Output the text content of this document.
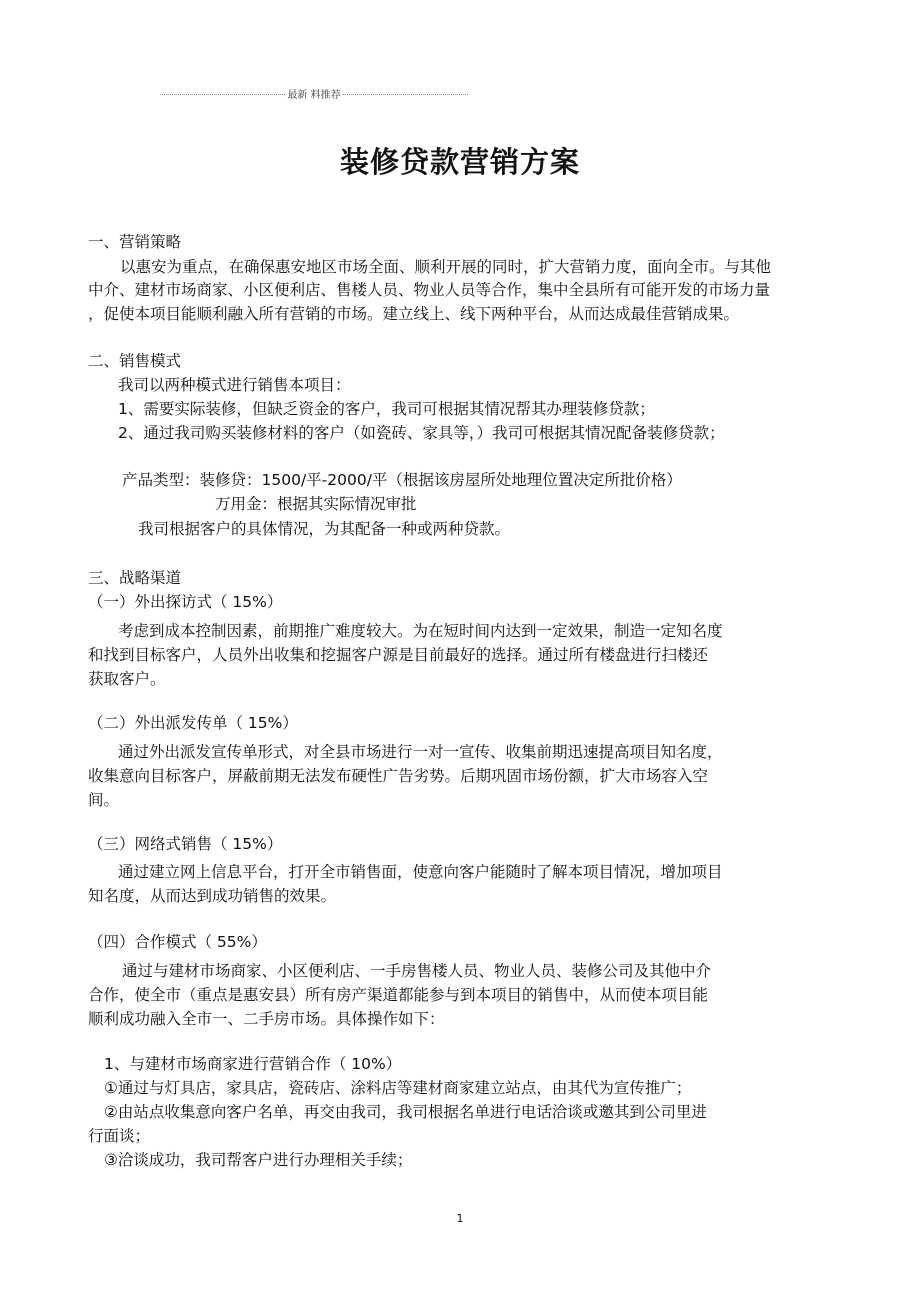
最新 料推荐
装修贷款营销方案

一、营销策略

以惠安为重点，在确保惠安地区市场全面、顺利开展的同时，扩大营销力度，面向全市。与其他

中介、建材市场商家、小区便利店、售楼人员、物业人员等合作，集中全县所有可能开发的市场力量

，促使本项目能顺利融入所有营销的市场。建立线上、线下两种平台，从而达成最佳营销成果。

二、销售模式

我司以两种模式进行销售本项目：

1、需要实际装修，但缺乏资金的客户，我司可根据其情况帮其办理装修贷款；

2、通过我司购买装修材料的客户（如瓷砖、家具等，）我司可根据其情况配备装修贷款；

产品类型：装修贷：1500/平-2000/平（根据该房屋所处地理位置决定所批价格）

万用金：根据其实际情况审批

我司根据客户的具体情况，为其配备一种或两种贷款。

三、战略渠道

（一）外出探访式（ 15%）

考虑到成本控制因素，前期推广难度较大。为在短时间内达到一定效果，制造一定知名度

和找到目标客户，人员外出收集和挖掘客户源是目前最好的选择。通过所有楼盘进行扫楼还

获取客户。

（二）外出派发传单（ 15%）

通过外出派发宣传单形式，对全县市场进行一对一宣传、收集前期迅速提高项目知名度，

收集意向目标客户，屏蔽前期无法发布硬性广告劣势。后期巩固市场份额，扩大市场容入空

间。

（三）网络式销售（ 15%）

通过建立网上信息平台，打开全市销售面，使意向客户能随时了解本项目情况，增加项目

知名度，从而达到成功销售的效果。

（四）合作模式（ 55%）

通过与建材市场商家、小区便利店、一手房售楼人员、物业人员、装修公司及其他中介

合作，使全市（重点是惠安县）所有房产渠道都能参与到本项目的销售中，从而使本项目能

顺利成功融入全市一、二手房市场。具体操作如下：

1、与建材市场商家进行营销合作（ 10%）

①通过与灯具店，家具店，瓷砖店、涂料店等建材商家建立站点，由其代为宣传推广；

②由站点收集意向客户名单，再交由我司，我司根据名单进行电话洽谈或邀其到公司里进

行面谈；

③洽谈成功，我司帮客户进行办理相关手续；

1
